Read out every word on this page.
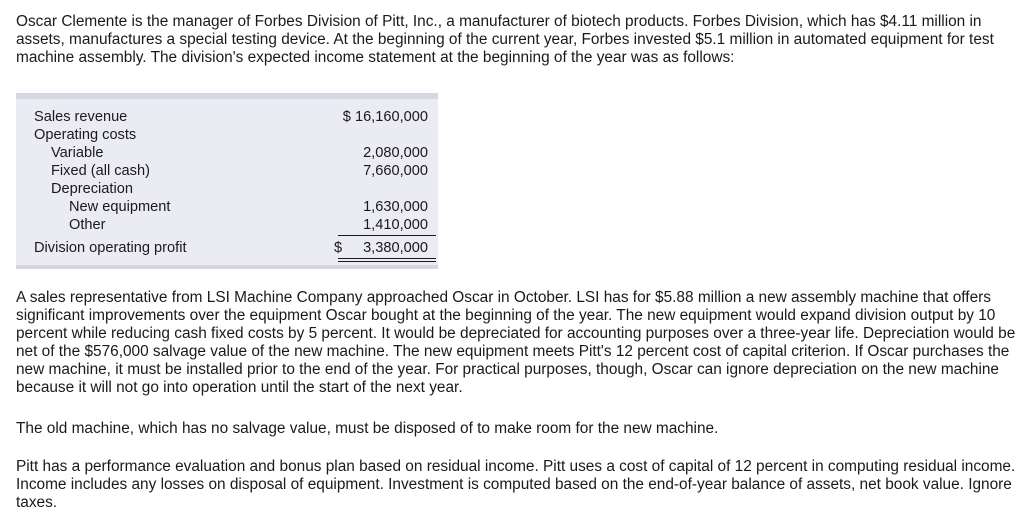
Oscar Clemente is the manager of Forbes Division of Pitt, Inc., a manufacturer of biotech products. Forbes Division, which has $4.11 million in assets, manufactures a special testing device. At the beginning of the current year, Forbes invested $5.1 million in automated equipment for test machine assembly. The division's expected income statement at the beginning of the year was as follows:

Sales revenue	$ 16,160,000
Operating costs
Variable	2,080,000
Fixed (all cash)	7,660,000
Depreciation
New equipment	1,630,000
Other	1,410,000
Division operating profit	$ 3,380,000

A sales representative from LSI Machine Company approached Oscar in October. LSI has for $5.88 million a new assembly machine that offers significant improvements over the equipment Oscar bought at the beginning of the year. The new equipment would expand division output by 10 percent while reducing cash fixed costs by 5 percent. It would be depreciated for accounting purposes over a three-year life. Depreciation would be net of the $576,000 salvage value of the new machine. The new equipment meets Pitt's 12 percent cost of capital criterion. If Oscar purchases the new machine, it must be installed prior to the end of the year. For practical purposes, though, Oscar can ignore depreciation on the new machine because it will not go into operation until the start of the next year.

The old machine, which has no salvage value, must be disposed of to make room for the new machine.

Pitt has a performance evaluation and bonus plan based on residual income. Pitt uses a cost of capital of 12 percent in computing residual income. Income includes any losses on disposal of equipment. Investment is computed based on the end-of-year balance of assets, net book value. Ignore taxes.
